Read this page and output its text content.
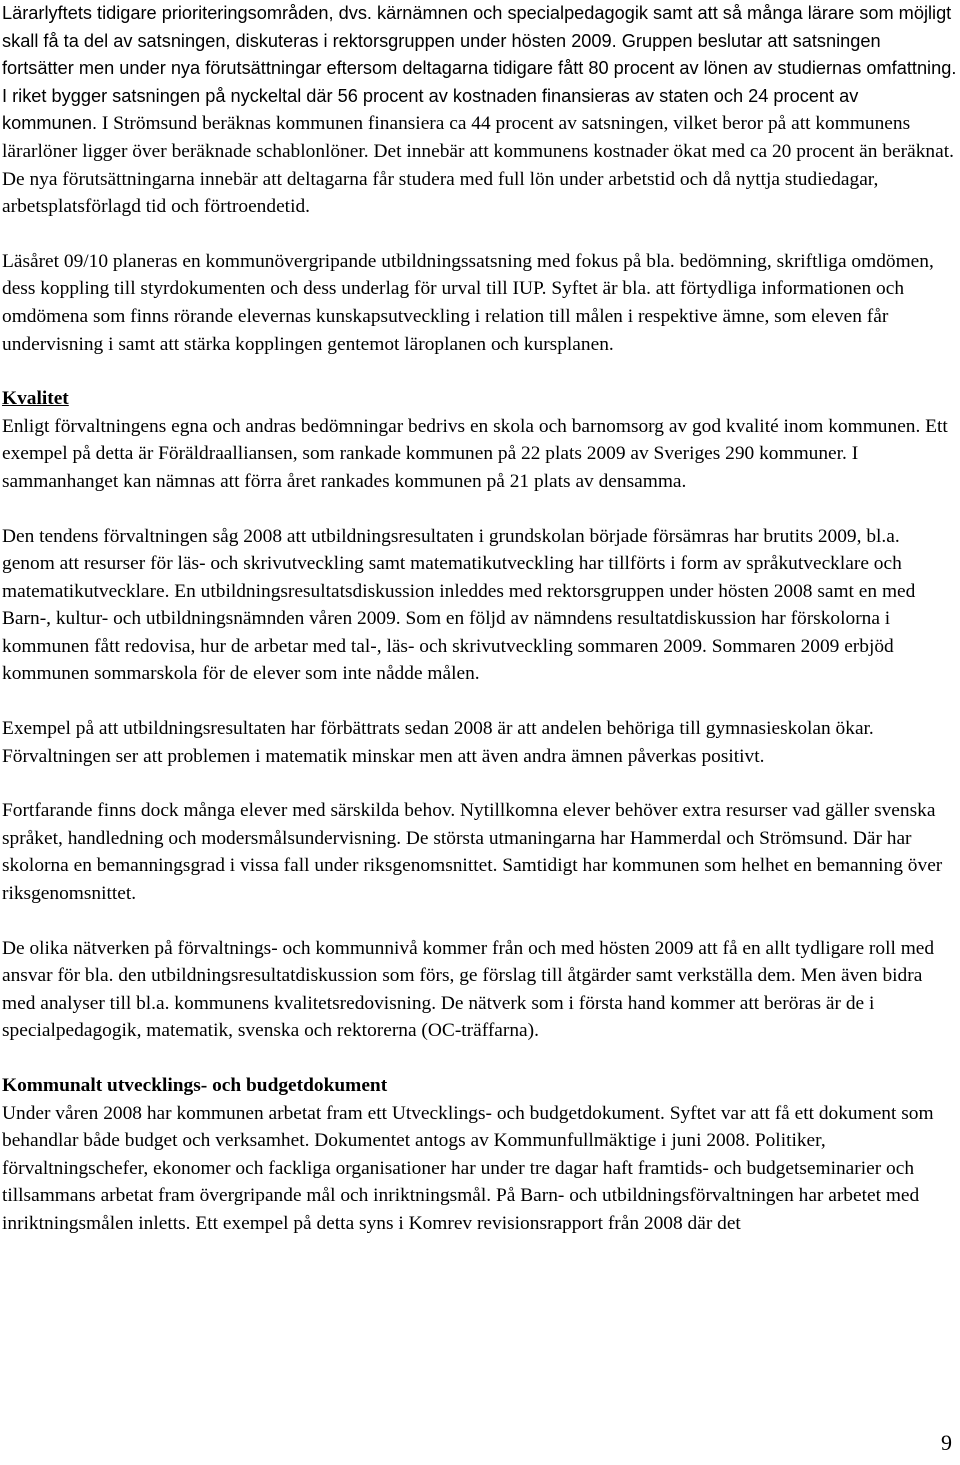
Lärarlyftets tidigare prioriteringsområden, dvs. kärnämnen och specialpedagogik samt att så många lärare som möjligt skall få ta del av satsningen, diskuteras i rektorsgruppen under hösten 2009. Gruppen beslutar att satsningen fortsätter men under nya förutsättningar eftersom deltagarna tidigare fått 80 procent av lönen av studiernas omfattning. I riket bygger satsningen på nyckeltal där 56 procent av kostnaden finansieras av staten och 24 procent av kommunen. I Strömsund beräknas kommunen finansiera ca 44 procent av satsningen, vilket beror på att kommunens lärarlöner ligger över beräknade schablonlöner. Det innebär att kommunens kostnader ökat med ca 20 procent än beräknat. De nya förutsättningarna innebär att deltagarna får studera med full lön under arbetstid och då nyttja studiedagar, arbetsplatsförlagd tid och förtroendetid.

Läsåret 09/10 planeras en kommunövergripande utbildningssatsning med fokus på bla. bedömning, skriftliga omdömen, dess koppling till styrdokumenten och dess underlag för urval till IUP. Syftet är bla. att förtydliga informationen och omdömena som finns rörande elevernas kunskapsutveckling i relation till målen i respektive ämne, som eleven får undervisning i samt att stärka kopplingen gentemot läroplanen och kursplanen.

Kvalitet
Enligt förvaltningens egna och andras bedömningar bedrivs en skola och barnomsorg av god kvalité inom kommunen. Ett exempel på detta är Föräldraalliansen, som rankade kommunen på 22 plats 2009 av Sveriges 290 kommuner. I sammanhanget kan nämnas att förra året rankades kommunen på 21 plats av densamma.

Den tendens förvaltningen såg 2008 att utbildningsresultaten i grundskolan började försämras har brutits 2009, bl.a. genom att resurser för läs- och skrivutveckling samt matematikutveckling har tillförts i form av språkutvecklare och matematikutvecklare. En utbildningsresultatsdiskussion inleddes med rektorsgruppen under hösten 2008 samt en med Barn-, kultur- och utbildningsnämnden våren 2009. Som en följd av nämndens resultatdiskussion har förskolorna i kommunen fått redovisa, hur de arbetar med tal-, läs- och skrivutveckling sommaren 2009. Sommaren 2009 erbjöd kommunen sommarskola för de elever som inte nådde målen.

Exempel på att utbildningsresultaten har förbättrats sedan 2008 är att andelen behöriga till gymnasieskolan ökar. Förvaltningen ser att problemen i matematik minskar men att även andra ämnen påverkas positivt.

Fortfarande finns dock många elever med särskilda behov. Nytillkomna elever behöver extra resurser vad gäller svenska språket, handledning och modersmålsundervisning. De största utmaningarna har Hammerdal och Strömsund. Där har skolorna en bemanningsgrad i vissa fall under riksgenomsnittet. Samtidigt har kommunen som helhet en bemanning över riksgenomsnittet.

De olika nätverken på förvaltnings- och kommunnivå kommer från och med hösten 2009 att få en allt tydligare roll med ansvar för bla. den utbildningsresultatdiskussion som förs, ge förslag till åtgärder samt verkställa dem. Men även bidra med analyser till bl.a. kommunens kvalitetsredovisning. De nätverk som i första hand kommer att beröras är de i specialpedagogik, matematik, svenska och rektorerna (OC-träffarna).

Kommunalt utvecklings- och budgetdokument
Under våren 2008 har kommunen arbetat fram ett Utvecklings- och budgetdokument. Syftet var att få ett dokument som behandlar både budget och verksamhet. Dokumentet antogs av Kommunfullmäktige i juni 2008. Politiker, förvaltningschefer, ekonomer och fackliga organisationer har under tre dagar haft framtids- och budgetseminarier och tillsammans arbetat fram övergripande mål och inriktningsmål. På Barn- och utbildningsförvaltningen har arbetet med inriktningsmålen inletts. Ett exempel på detta syns i Komrev revisionsrapport från 2008 där det
9
